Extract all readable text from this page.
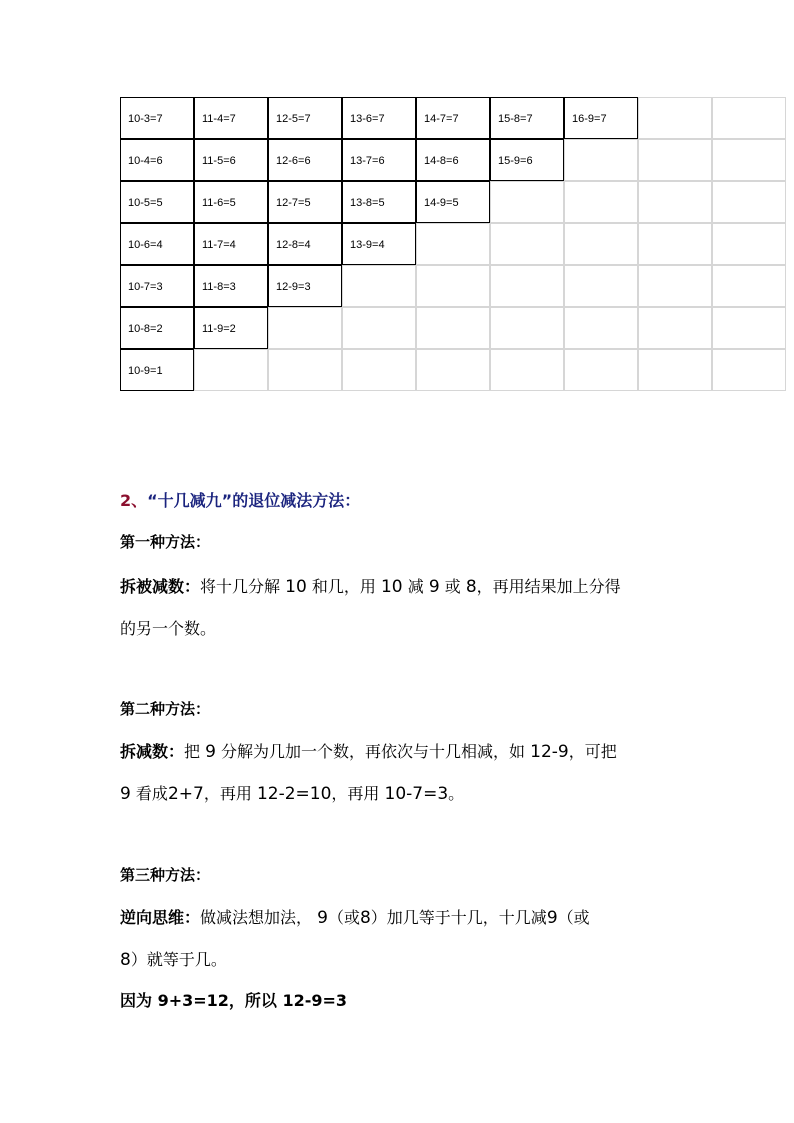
10-3=7	11-4=7	12-5=7	13-6=7	14-7=7	15-8=7	16-9=7
10-4=6	11-5=6	12-6=6	13-7=6	14-8=6	15-9=6
10-5=5	11-6=5	12-7=5	13-8=5	14-9=5
10-6=4	11-7=4	12-8=4	13-9=4
10-7=3	11-8=3	12-9=3
10-8=2	11-9=2
10-9=1
2、“十几减九”的退位减法方法：
第一种方法：
拆被减数：将十几分解 10 和几，用 10 减 9 或 8，再用结果加上分得
的另一个数。
第二种方法：
拆减数：把 9 分解为几加一个数，再依次与十几相减，如 12-9，可把
9 看成2+7，再用 12-2=10，再用 10-7=3。
第三种方法：
逆向思维：做减法想加法， 9（或8）加几等于十几，十几减9（或
8）就等于几。
因为 9+3=12，所以 12-9=3
